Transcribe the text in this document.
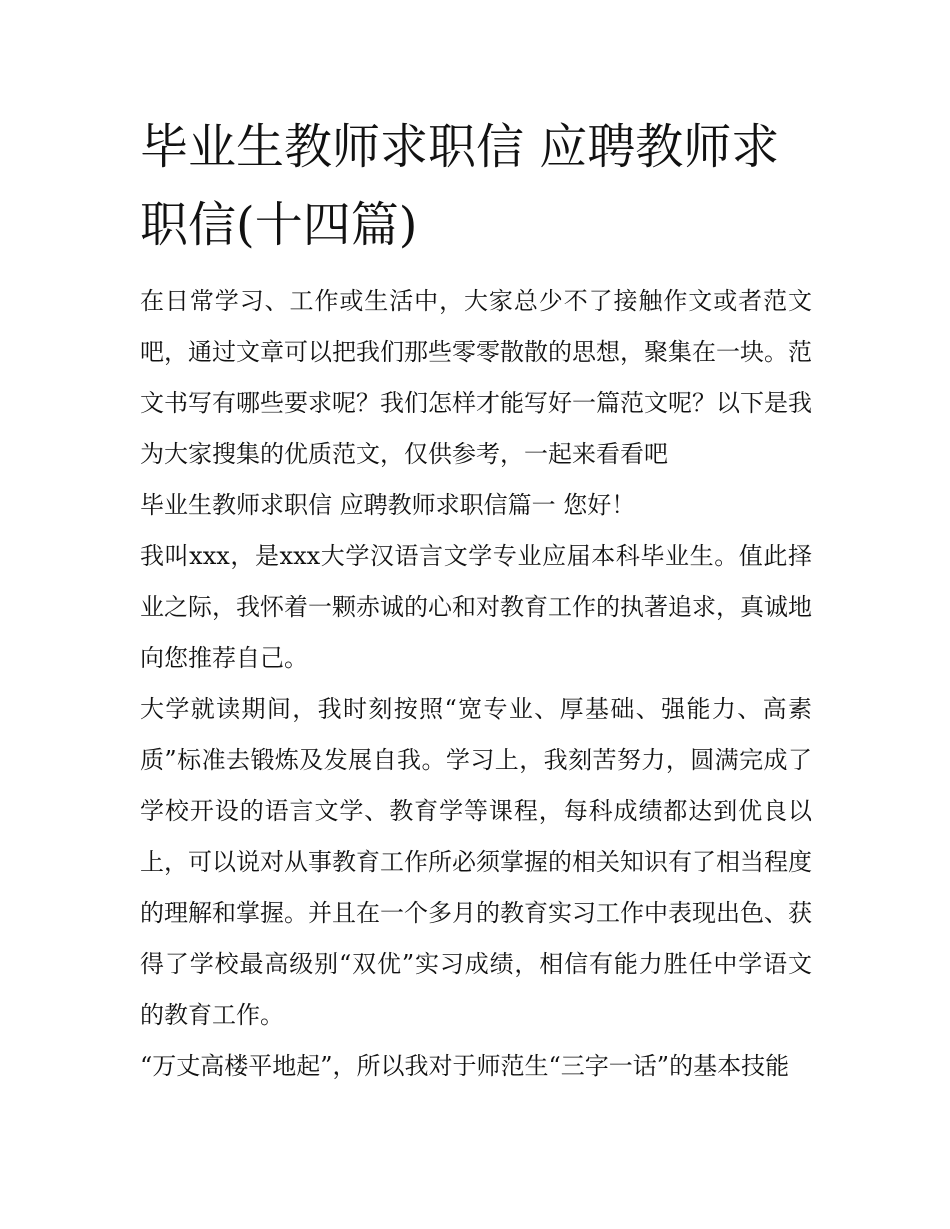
毕业生教师求职信 应聘教师求职信(十四篇)

在日常学习、工作或生活中，大家总少不了接触作文或者范文吧，通过文章可以把我们那些零零散散的思想，聚集在一块。范文书写有哪些要求呢？我们怎样才能写好一篇范文呢？以下是我为大家搜集的优质范文，仅供参考，一起来看看吧

毕业生教师求职信 应聘教师求职信篇一 您好！

我叫xxx，是xxx大学汉语言文学专业应届本科毕业生。值此择业之际，我怀着一颗赤诚的心和对教育工作的执著追求，真诚地向您推荐自己。

大学就读期间，我时刻按照“宽专业、厚基础、强能力、高素质”标准去锻炼及发展自我。学习上，我刻苦努力，圆满完成了学校开设的语言文学、教育学等课程，每科成绩都达到优良以上，可以说对从事教育工作所必须掌握的相关知识有了相当程度的理解和掌握。并且在一个多月的教育实习工作中表现出色、获得了学校最高级别“双优”实习成绩，相信有能力胜任中学语文的教育工作。

“万丈高楼平地起”，所以我对于师范生“三字一话”的基本技能
